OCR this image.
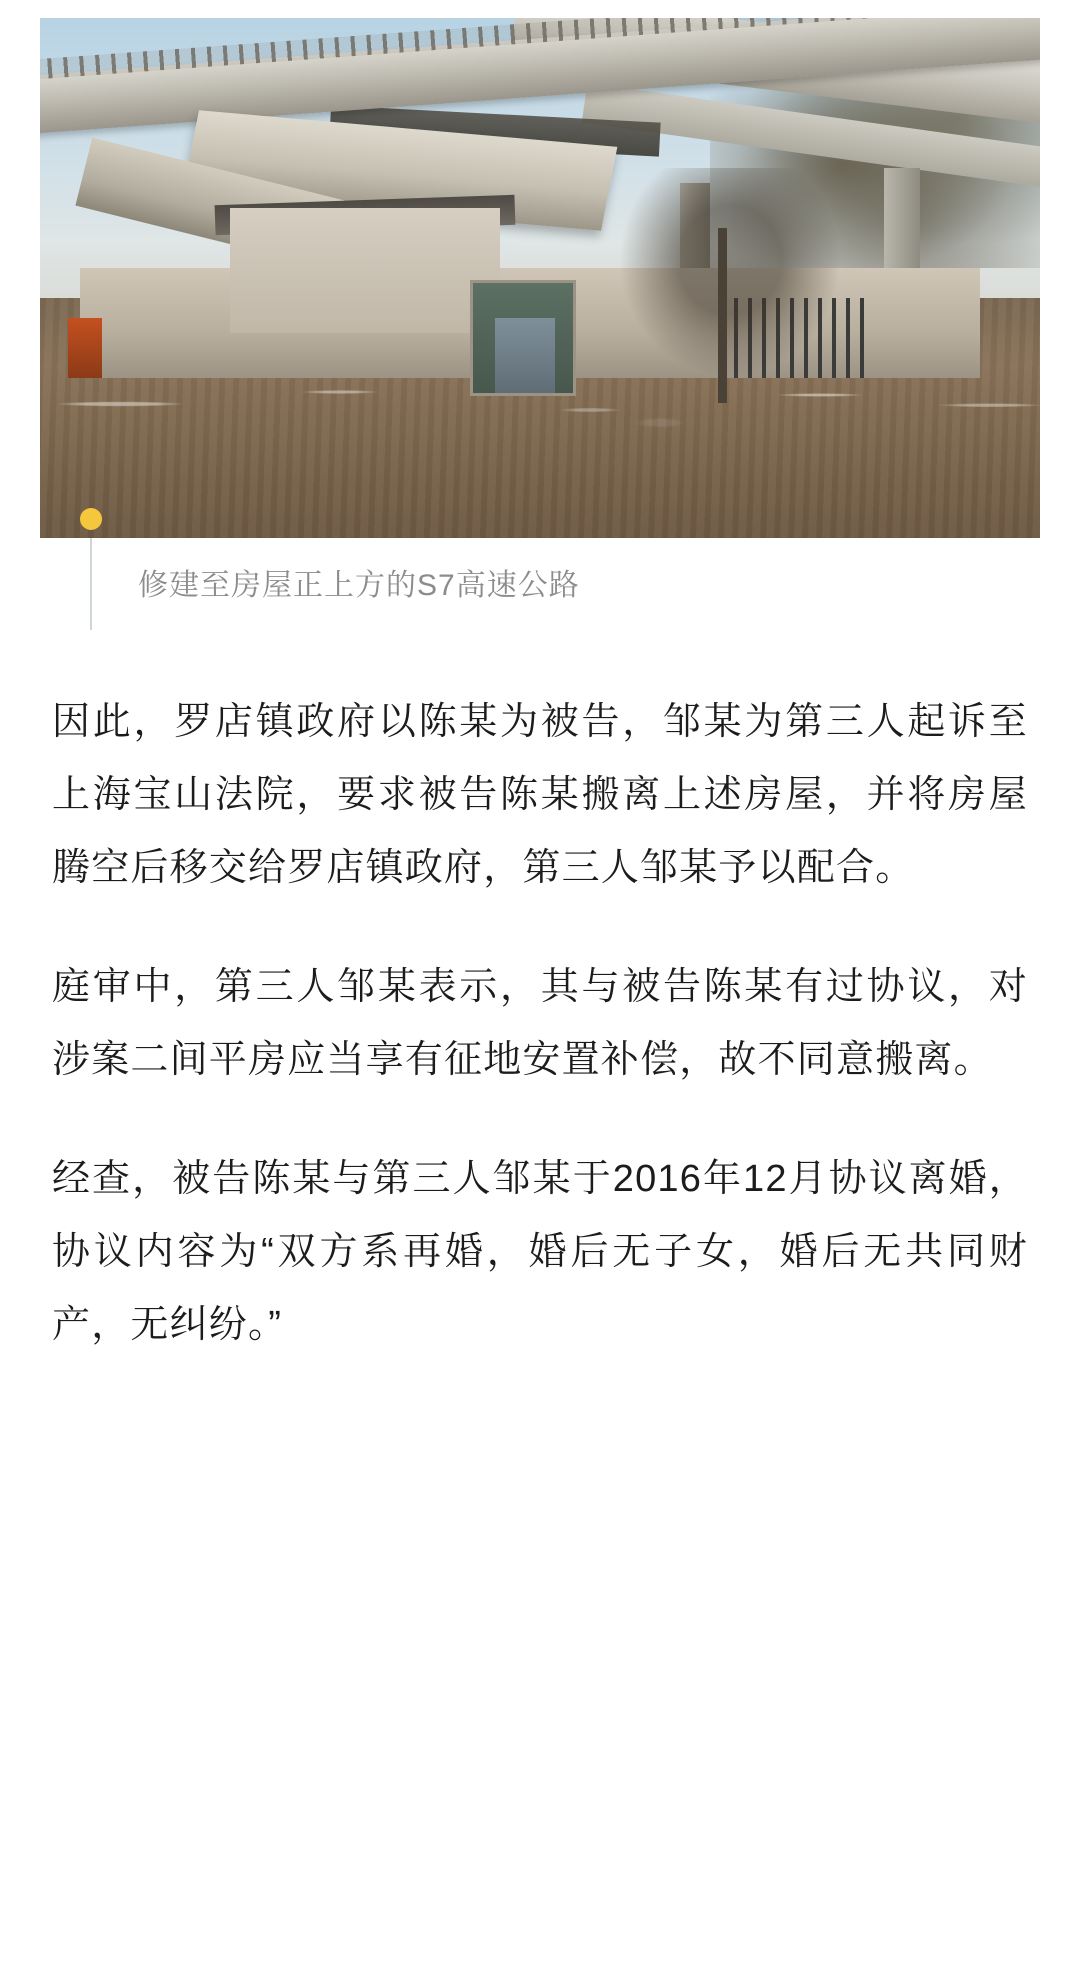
修建至房屋正上方的S7高速公路

因此，罗店镇政府以陈某为被告，邹某为第三人起诉至上海宝山法院，要求被告陈某搬离上述房屋，并将房屋腾空后移交给罗店镇政府，第三人邹某予以配合。

庭审中，第三人邹某表示，其与被告陈某有过协议，对涉案二间平房应当享有征地安置补偿，故不同意搬离。

经查，被告陈某与第三人邹某于2016年12月协议离婚，协议内容为“双方系再婚，婚后无子女，婚后无共同财产，无纠纷。”
